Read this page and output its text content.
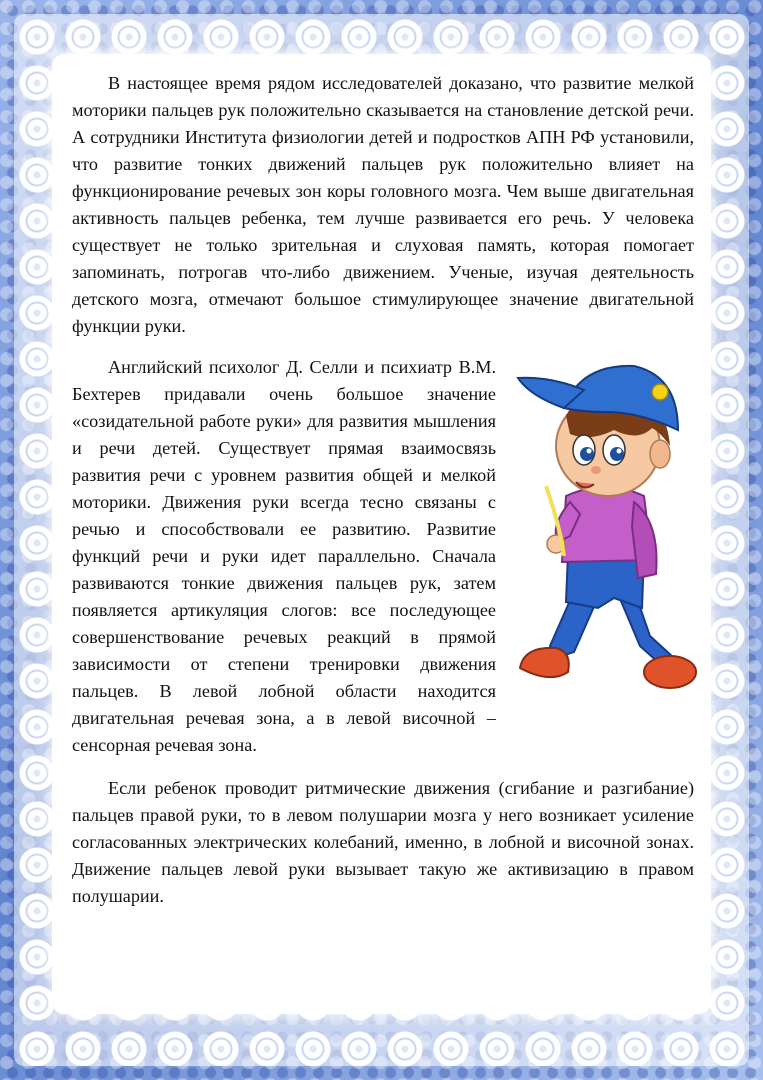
В настоящее время рядом исследователей доказано, что развитие мелкой моторики пальцев рук положительно сказывается на становление детской речи. А сотрудники Института физиологии детей и подростков АПН РФ установили, что развитие тонких движений пальцев рук положительно влияет на функционирование речевых зон коры головного мозга. Чем выше двигательная активность пальцев ребенка, тем лучше развивается его речь. У человека существует не только зрительная и слуховая память, которая помогает запоминать, потрогав что-либо движением. Ученые, изучая деятельность детского мозга, отмечают большое стимулирующее значение двигательной функции руки.

Английский психолог Д. Селли и психиатр В.М. Бехтерев придавали очень большое значение «созидательной работе руки» для развития мышления и речи детей. Существует прямая взаимосвязь развития речи с уровнем развития общей и мелкой моторики. Движения руки всегда тесно связаны с речью и способствовали ее развитию. Развитие функций речи и руки идет параллельно. Сначала развиваются тонкие движения пальцев рук, затем появляется артикуляция слогов: все последующее совершенствование речевых реакций в прямой зависимости от степени тренировки движения пальцев. В левой лобной области находится двигательная речевая зона, а в левой височной – сенсорная речевая зона.

Если ребенок проводит ритмические движения (сгибание и разгибание) пальцев правой руки, то в левом полушарии мозга у него возникает усиление согласованных электрических колебаний, именно, в лобной и височной зонах. Движение пальцев левой руки вызывает такую же активизацию в правом полушарии.
